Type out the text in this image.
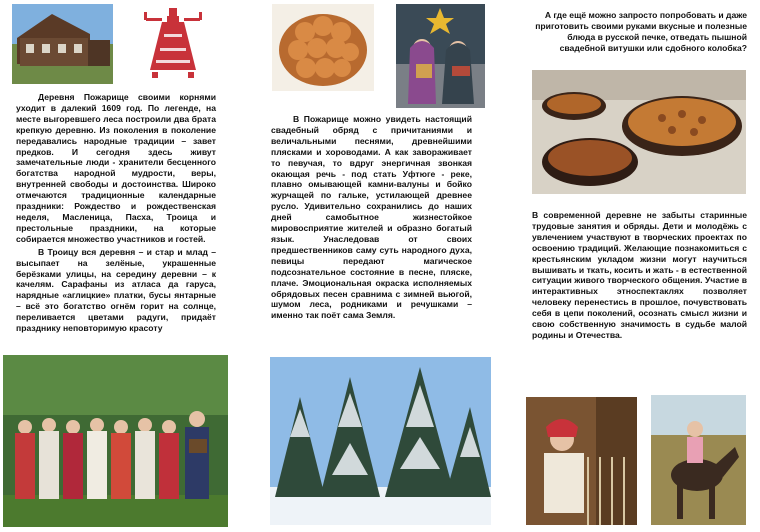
Деревня Пожарище своими корнями уходит в далекий 1609 год. По легенде, на месте выгоревшего леса построили два брата крепкую деревню. Из поколения в поколение передавались народные традиции – завет предков. И сегодня здесь живут замечательные люди - хранители бесценного богатства народной мудрости, веры, внутренней свободы и достоинства. Широко отмечаются традиционные календарные праздники: Рождество и рождественская неделя, Масленица, Пасха, Троица и престольные праздники, на которые собирается множество участников и гостей.

В Троицу вся деревня – и стар и млад – высыпает на зелёные, украшенные берёзками улицы, на середину деревни – к качелям. Сарафаны из атласа да гаруса, нарядные «аглицкие» платки, бусы янтарные – всё это богатство огнём горит на солнце, переливается цветами радуги, придаёт празднику неповторимую красоту

В Пожарище можно увидеть настоящий свадебный обряд с причитаниями и величальными песнями, древнейшими плясками и хороводами. А как завораживает то певучая, то вдруг энергичная звонкая окающая речь - под стать Уфтюге - реке, плавно омывающей камни-валуны и бойко журчащей по гальке, устилающей древнее русло. Удивительно сохранились до наших дней самобытное жизнестойкое мировосприятие жителей и образно богатый язык. Унаследовав от своих предшественников саму суть народного духа, певицы передают магическое подсознательное состояние в песне, пляске, плаче. Эмоциональная окраска исполняемых обрядовых песен сравнима с зимней вьюгой, шумом леса, родниками и речушками – именно так поёт сама Земля.

А где ещё можно запросто попробовать и даже приготовить своими руками вкусные и полезные блюда в русской печке, отведать пышной свадебной витушки или сдобного колобка?

В современной деревне не забыты старинные трудовые занятия и обряды. Дети и молодёжь с увлечением участвуют в творческих проектах по освоению традиций. Желающие познакомиться с крестьянским укладом жизни могут научиться вышивать и ткать, косить и жать - в естественной ситуации живого творческого общения. Участие в интерактивных этноспектаклях позволяет человеку перенестись в прошлое, почувствовать себя в цепи поколений, осознать смысл жизни и свою собственную значимость в судьбе малой родины и Отечества.
